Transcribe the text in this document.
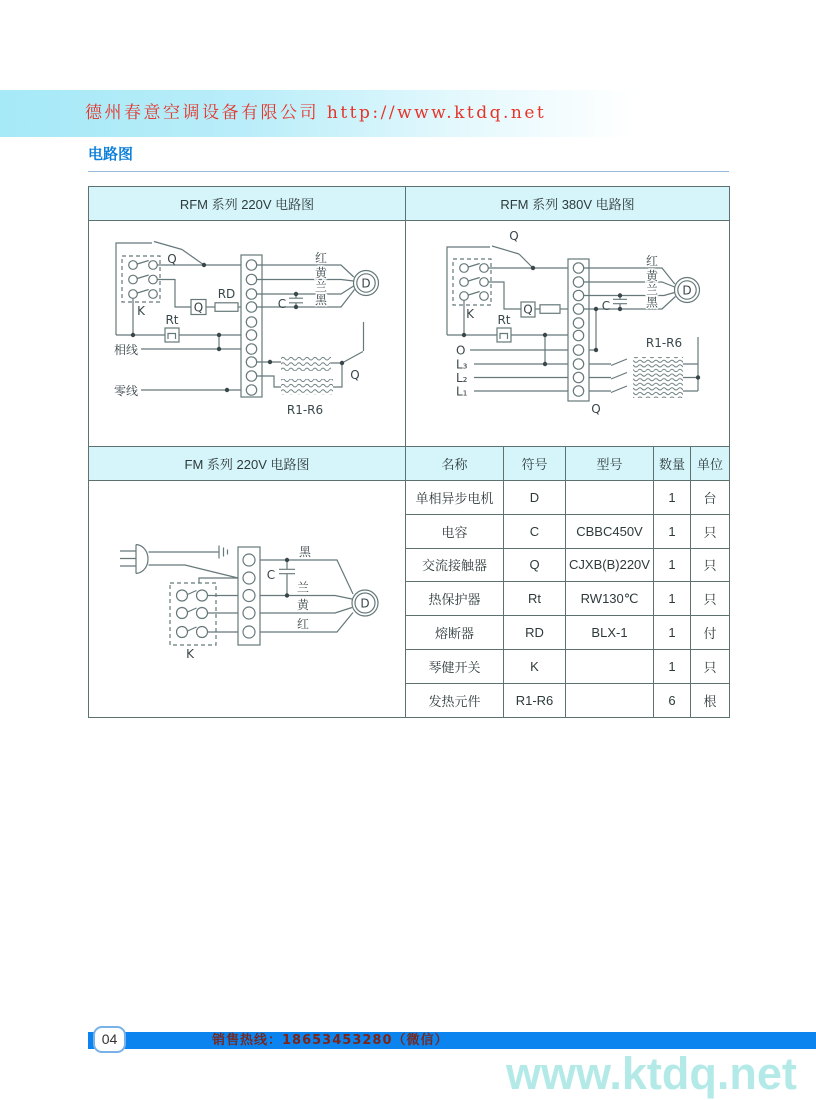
德州春意空调设备有限公司 http://www.ktdq.net
电路图
RFM 系列 220V 电路图	RFM 系列 380V 电路图				

Q
K	Q
RD
Rt
相线
零线
C
D
红
黄
兰
黑
R1-R6
Q

Q
K	Q
Rt
O
L₃
L₂
L₁
C
D
红
黄
兰
黑
R1-R6
Q

FM 系列 220V 电路图	名称	符号	型号	数量	单位

K
C
D
黑
兰
黄
红
	单相异步电机	D		1	台
	电容	C	CBBC450V	1	只
	交流接触器	Q	CJXB(B)220V	1	只
	热保护器	Rt	RW130℃	1	只
	熔断器	RD	BLX-1	1	付
	琴健开关	K		1	只
	发热元件	R1-R6		6	根
04	销售热线：18653453280（微信）
www.ktdq.net
